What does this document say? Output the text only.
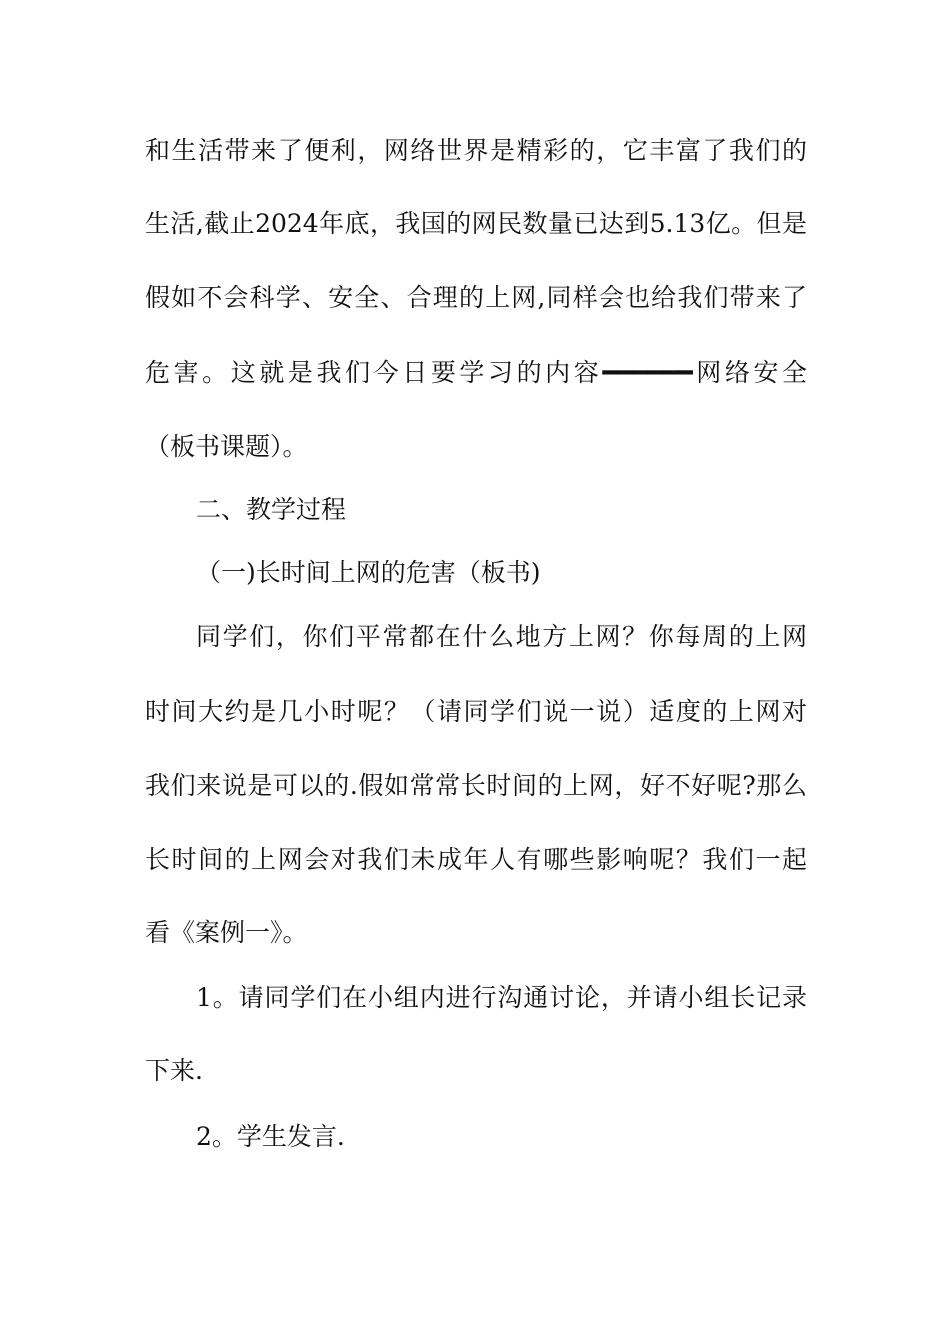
和生活带来了便利，网络世界是精彩的，它丰富了我们的
生活,截止2024年底，我国的网民数量已达到5.13亿。但是
假如不会科学、安全、合理的上网,同样会也给我们带来了
危害。这就是我们今日要学习的内容━━━━━━网络安全
（板书课题）。
二、教学过程
（一)长时间上网的危害（板书)
同学们，你们平常都在什么地方上网？你每周的上网
时间大约是几小时呢？（请同学们说一说）适度的上网对
我们来说是可以的.假如常常长时间的上网，好不好呢?那么
长时间的上网会对我们未成年人有哪些影响呢？我们一起
看《案例一》。
1。请同学们在小组内进行沟通讨论，并请小组长记录
下来.
2。学生发言.
